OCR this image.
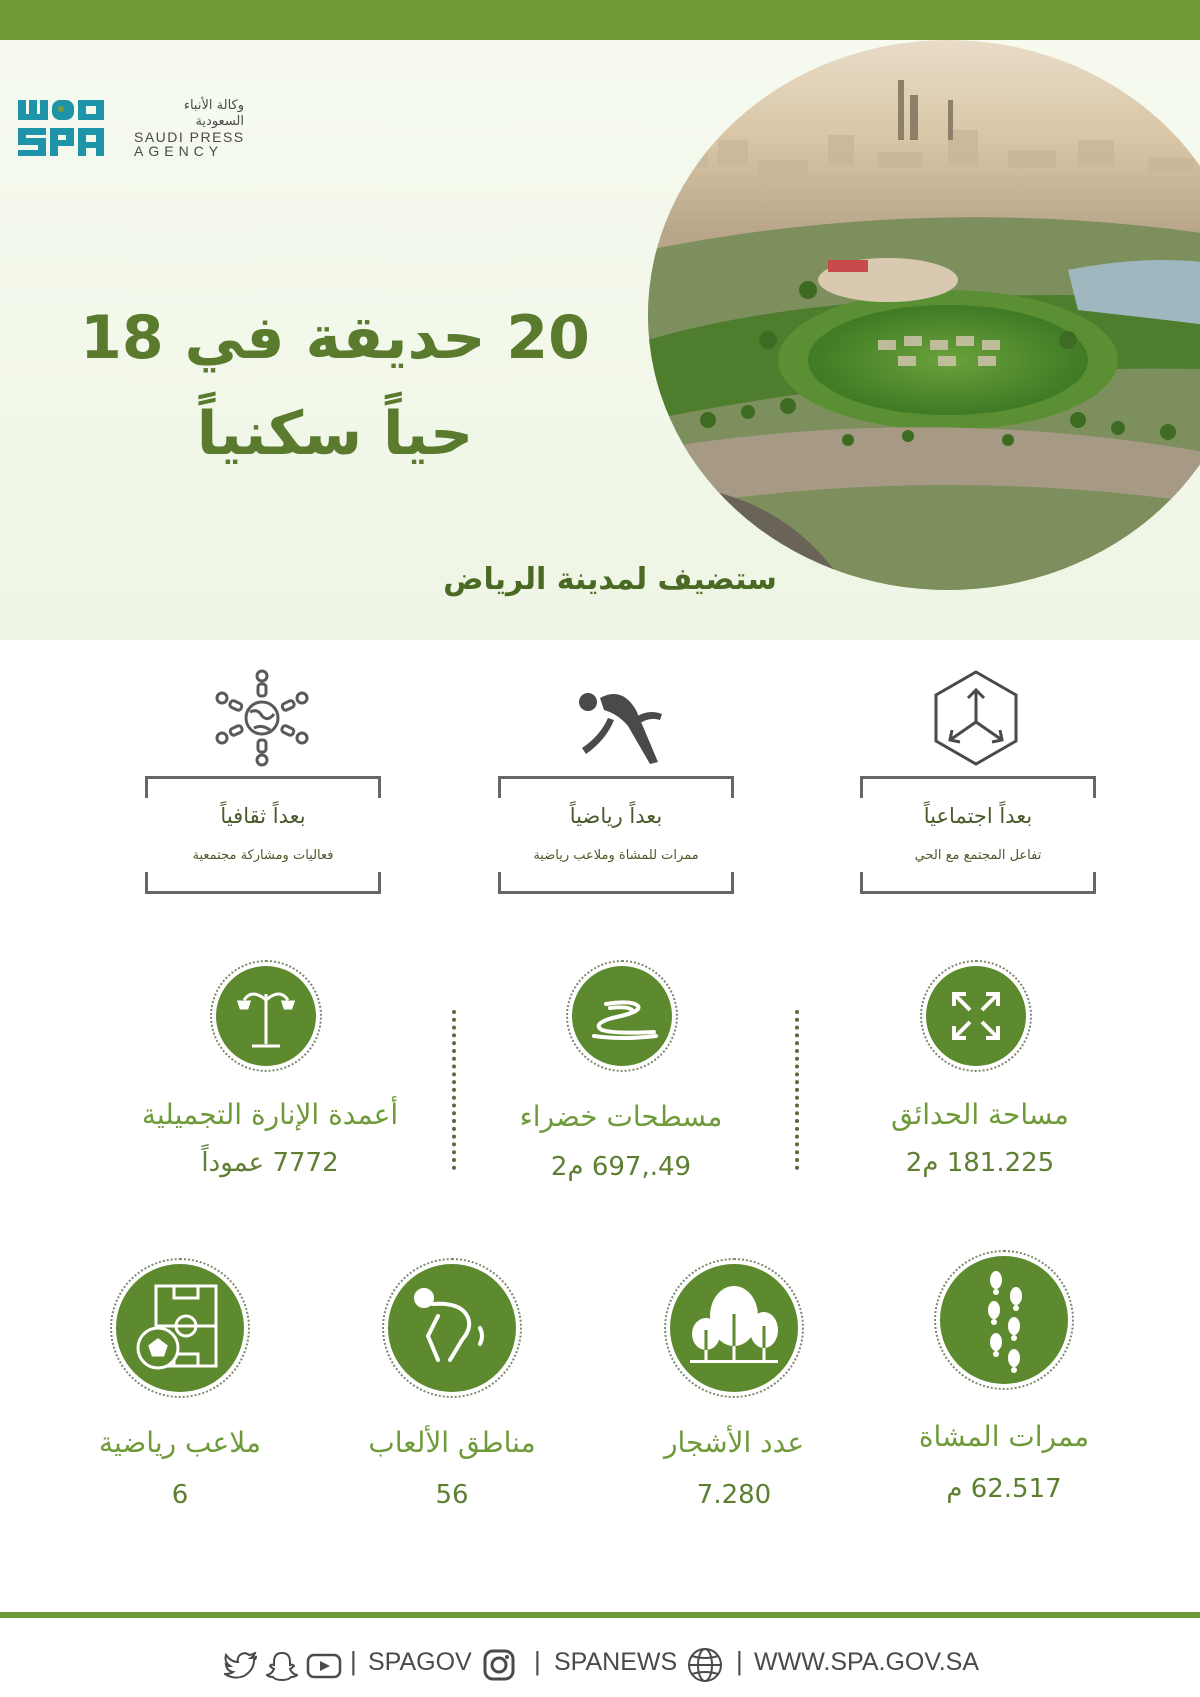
وكالة الأنباء
السعودية
SAUDI PRESS
AGENCY
20 حديقة في 18
حياً سكنياً
ستضيف لمدينة الرياض
بعداً ثقافياً
فعاليات ومشاركة مجتمعية
بعداً رياضياً
ممرات للمشاة وملاعب رياضية
بعداً اجتماعياً
تفاعل المجتمع مع الحي
أعمدة الإنارة التجميلية
7772 عموداً
مسطحات خضراء
49.,697 م2
مساحة الحدائق
181.225 م2
ملاعب رياضية
6
مناطق الألعاب
56
عدد الأشجار
7.280
ممرات المشاة
62.517 م
| SPAGOV | SPANEWS | WWW.SPA.GOV.SA
